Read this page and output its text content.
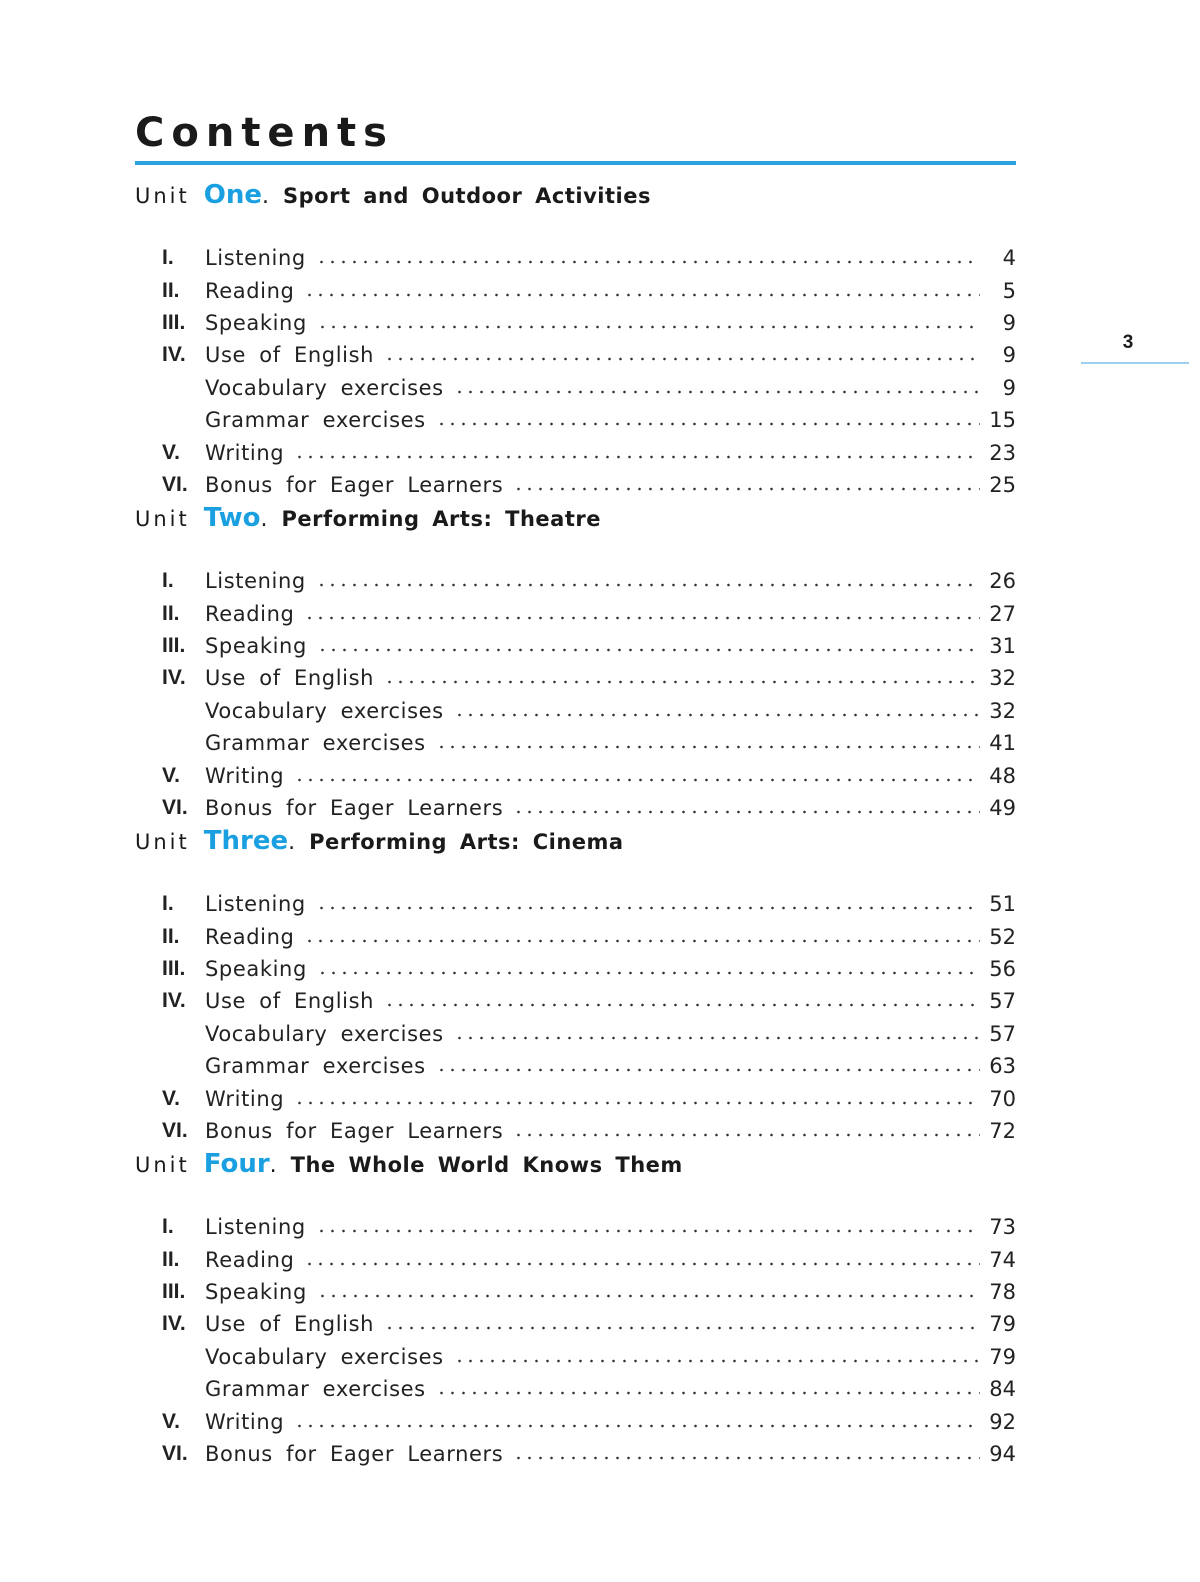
Contents
3
Unit One . Sport and Outdoor Activities
I.	Listening	4
II.	Reading	5
III. Speaking	9
IV. Use of English	9
Vocabulary exercises	9
Grammar exercises	15
V.	Writing	23
VI. Bonus for Eager Learners	25
Unit Two . Performing Arts: Theatre
I.	Listening	26
II.	Reading	27
III. Speaking	31
IV. Use of English	32
Vocabulary exercises	32
Grammar exercises	41
V.	Writing	48
VI. Bonus for Eager Learners	49
Unit Three . Performing Arts: Cinema
I.	Listening	51
II.	Reading	52
III. Speaking	56
IV. Use of English	57
Vocabulary exercises	57
Grammar exercises	63
V.	Writing	70
VI. Bonus for Eager Learners	72
Unit Four . The Whole World Knows Them
I.	Listening	73
II.	Reading	74
III. Speaking	78
IV. Use of English	79
Vocabulary exercises	79
Grammar exercises	84
V.	Writing	92
VI. Bonus for Eager Learners	94
